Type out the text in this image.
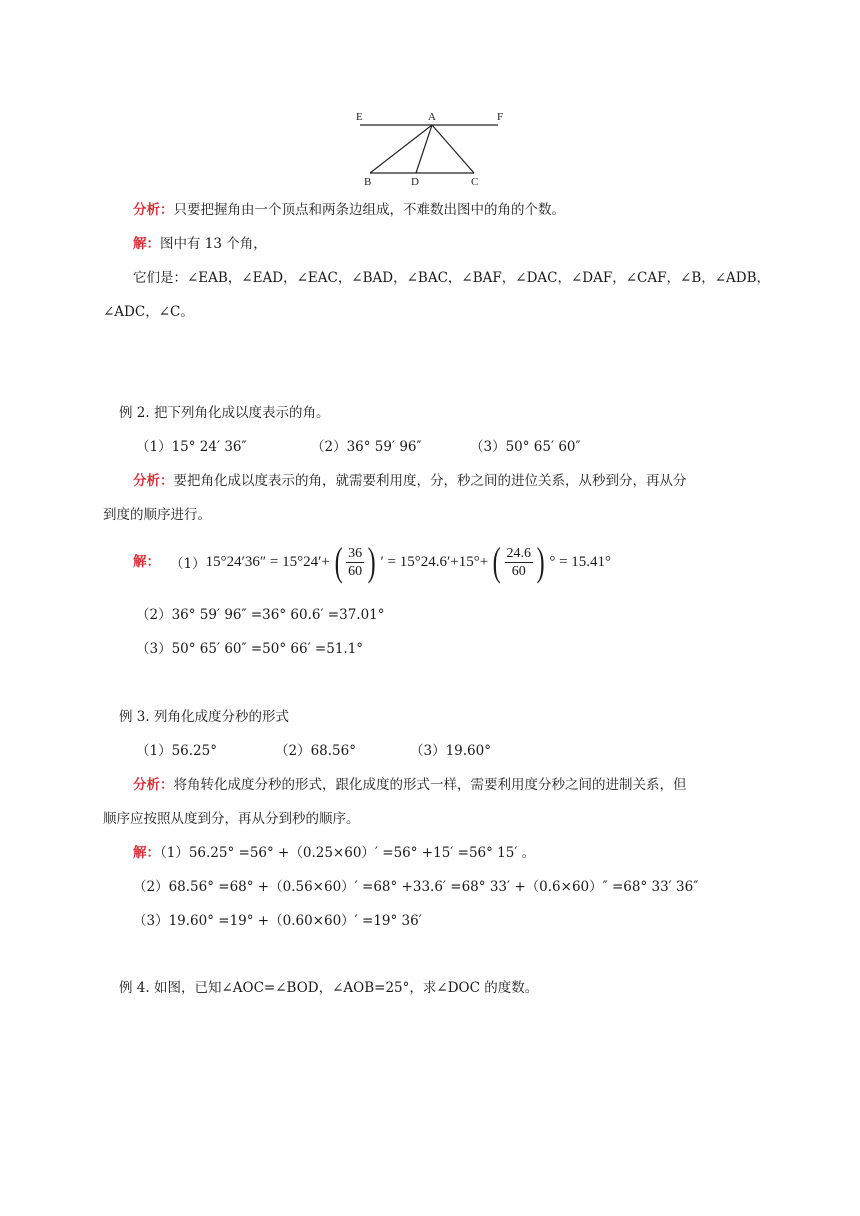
E	A	F
B	D	C
分析：只要把握角由一个顶点和两条边组成，不难数出图中的角的个数。
解：图中有 13 个角，
它们是：∠EAB，∠EAD，∠EAC，∠BAD，∠BAC，∠BAF，∠DAC，∠DAF，∠CAF，∠B，∠ADB，
∠ADC，∠C。
例 2. 把下列角化成以度表示的角。
（1）15° 24′ 36″	（2）36° 59′ 96″	（3）50° 65′ 60″
分析：要把角化成以度表示的角，就需要利用度，分，秒之间的进位关系，从秒到分，再从分
到度的顺序进行。
解： （1） 15°24′36″ = 15°24′+ ( $\frac{36}{60}$ ) ′ = 15°24.6′+15°+ ( $\frac{24.6}{60}$ ) ° = 15.41°
（2）36° 59′ 96″ =36° 60.6′ =37.01°
（3）50° 65′ 60″ =50° 66′ =51.1°
例 3. 列角化成度分秒的形式
（1）56.25°	（2）68.56°	（3）19.60°
分析：将角转化成度分秒的形式，跟化成度的形式一样，需要利用度分秒之间的进制关系，但
顺序应按照从度到分，再从分到秒的顺序。
解：（1）56.25° =56° +（0.25×60）′ =56° +15′ =56° 15′ 。
（2）68.56° =68° +（0.56×60）′ =68° +33.6′ =68° 33′ +（0.6×60）″ =68° 33′ 36″
（3）19.60° =19° +（0.60×60）′ =19° 36′
例 4. 如图，已知∠AOC=∠BOD，∠AOB=25°，求∠DOC 的度数。
